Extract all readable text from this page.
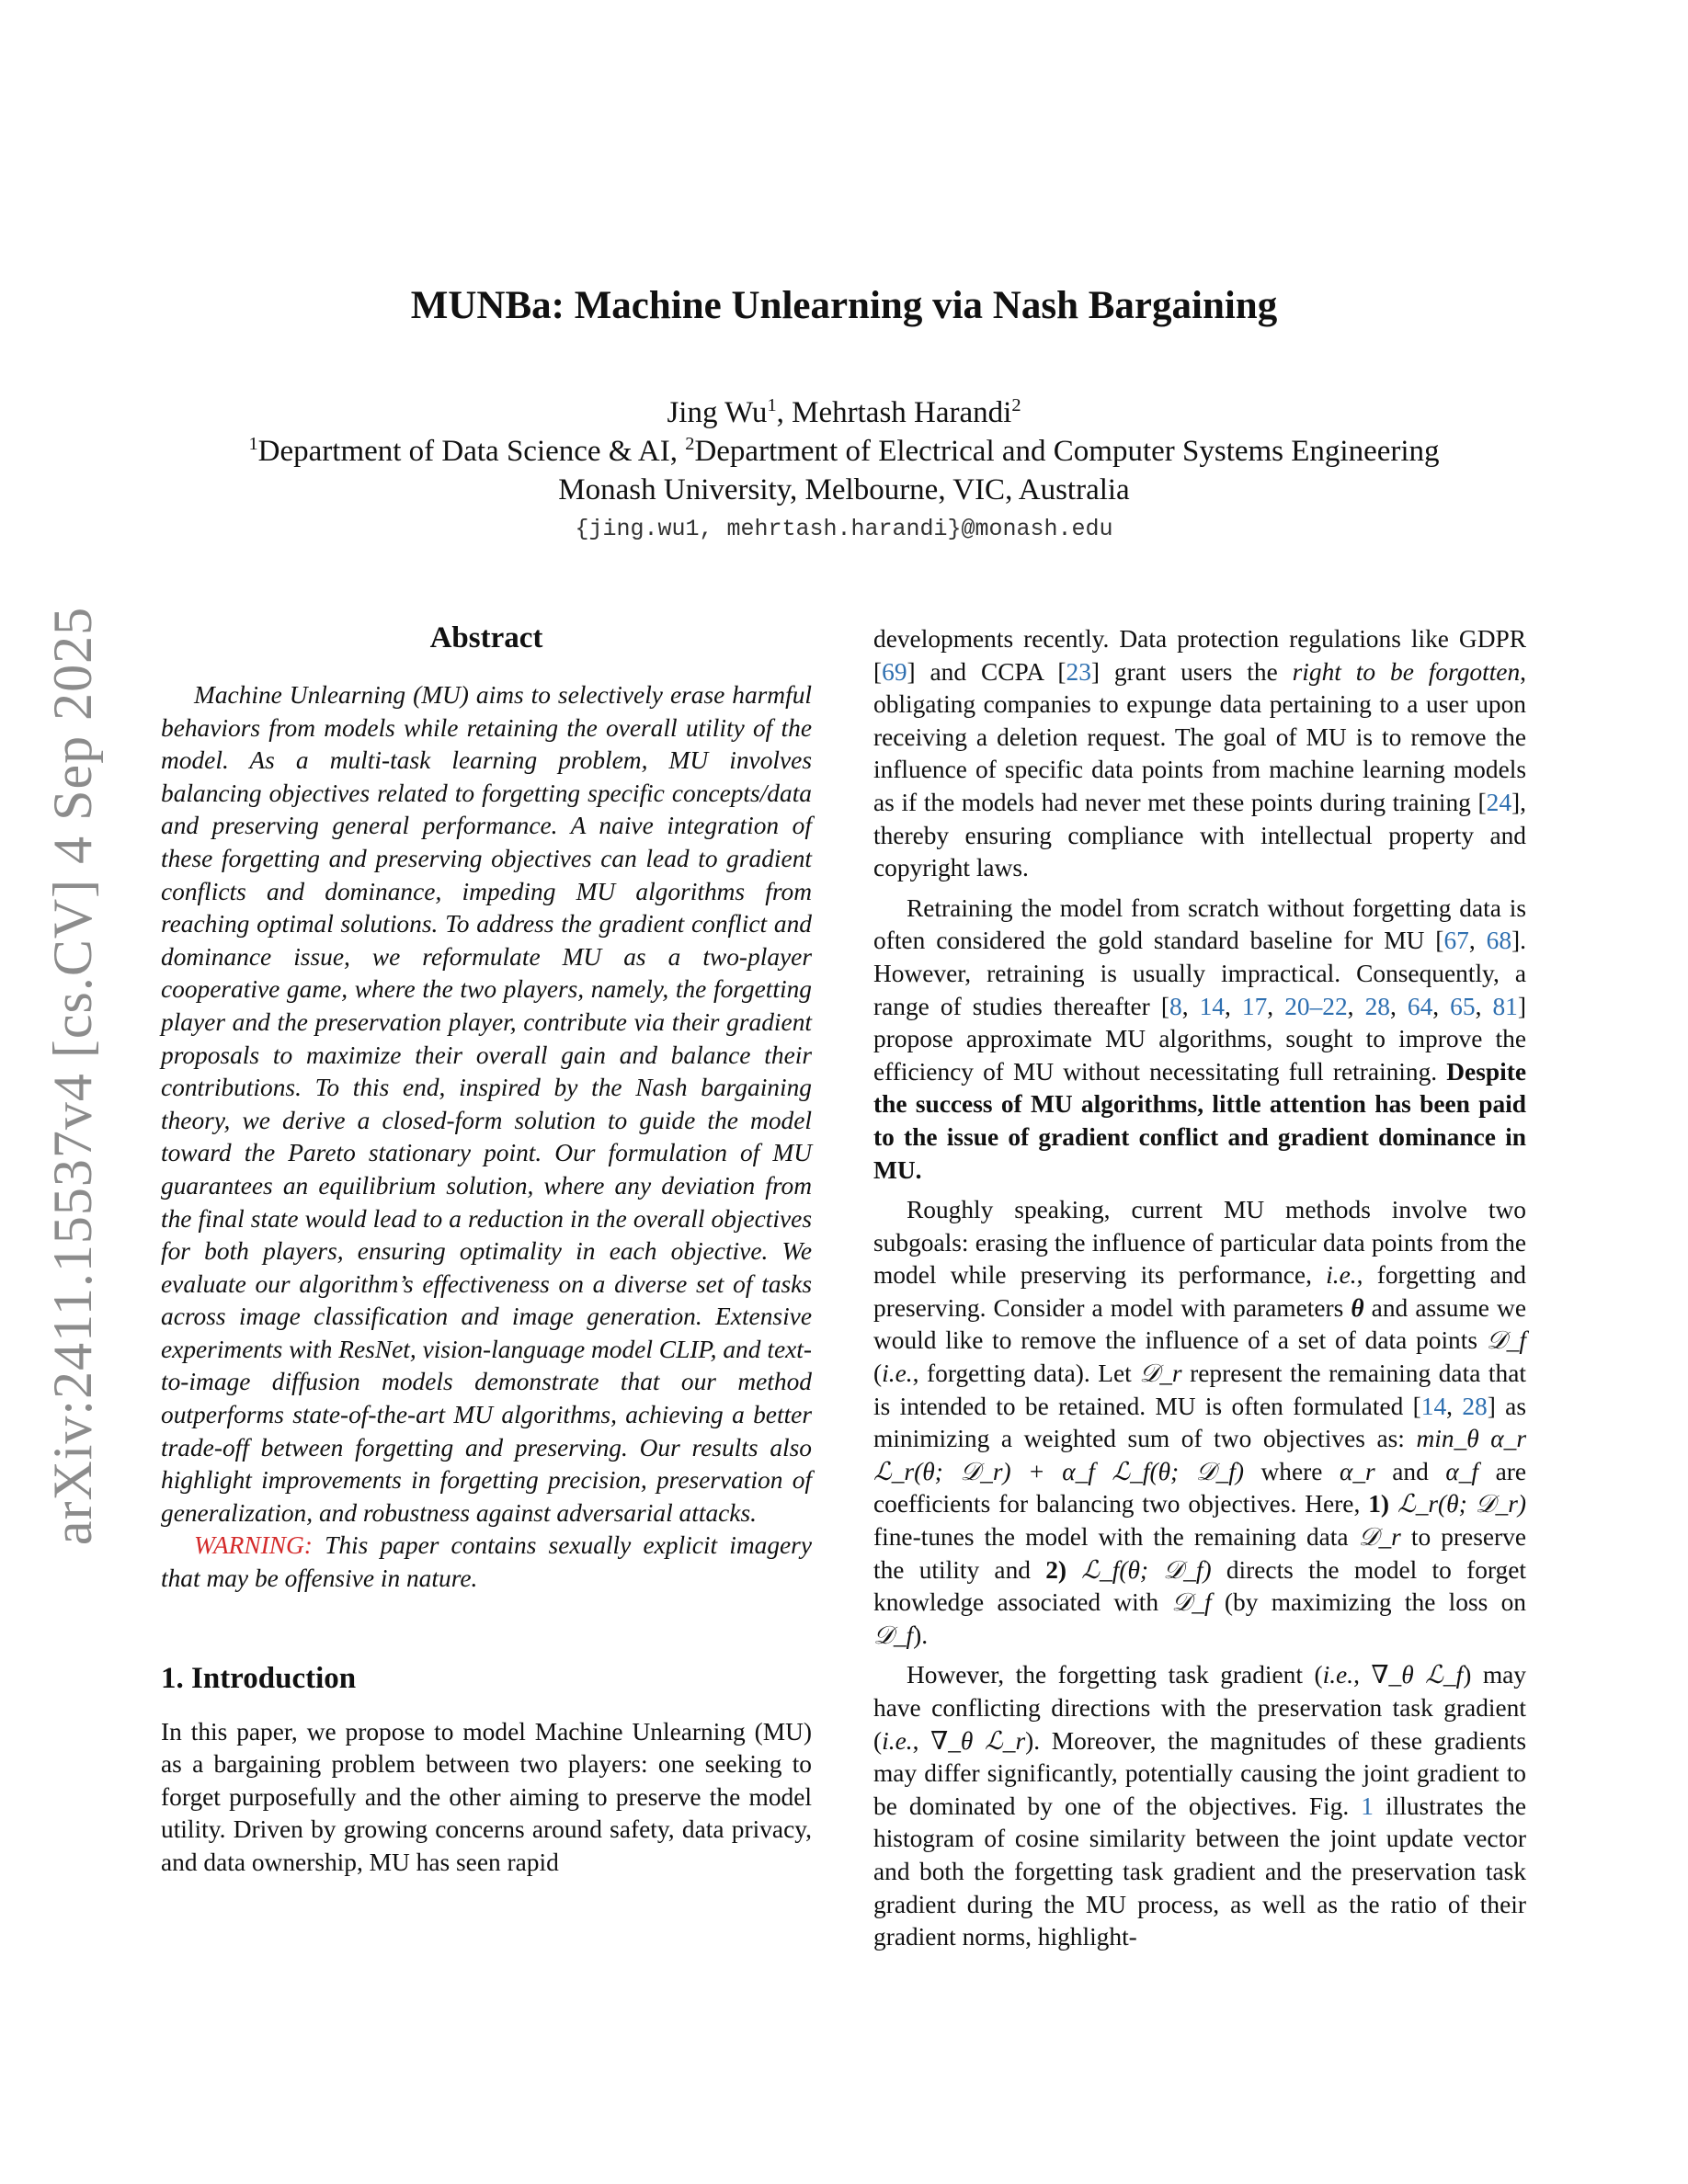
arXiv:2411.15537v4 [cs.CV] 4 Sep 2025
MUNBa: Machine Unlearning via Nash Bargaining
Jing Wu$^1$, Mehrtash Harandi$^2$
$^1$Department of Data Science & AI, $^2$Department of Electrical and Computer Systems Engineering
Monash University, Melbourne, VIC, Australia
{jing.wu1, mehrtash.harandi}@monash.edu
Abstract

Machine Unlearning (MU) aims to selectively erase harmful behaviors from models while retaining the overall utility of the model. As a multi-task learning problem, MU involves balancing objectives related to forgetting specific concepts/data and preserving general performance. A naive integration of these forgetting and preserving objectives can lead to gradient conflicts and dominance, impeding MU algorithms from reaching optimal solutions. To address the gradient conflict and dominance issue, we reformulate MU as a two-player cooperative game, where the two players, namely, the forgetting player and the preservation player, contribute via their gradient proposals to maximize their overall gain and balance their contributions. To this end, inspired by the Nash bargaining theory, we derive a closed-form solution to guide the model toward the Pareto stationary point. Our formulation of MU guarantees an equilibrium solution, where any deviation from the final state would lead to a reduction in the overall objectives for both players, ensuring optimality in each objective. We evaluate our algorithm’s effectiveness on a diverse set of tasks across image classification and image generation. Extensive experiments with ResNet, vision-language model CLIP, and text-to-image diffusion models demonstrate that our method outperforms state-of-the-art MU algorithms, achieving a better trade-off between forgetting and preserving. Our results also highlight improvements in forgetting precision, preservation of generalization, and robustness against adversarial attacks.

WARNING: This paper contains sexually explicit imagery that may be offensive in nature.

1. Introduction

In this paper, we propose to model Machine Unlearning (MU) as a bargaining problem between two players: one seeking to forget purposefully and the other aiming to preserve the model utility. Driven by growing concerns around safety, data privacy, and data ownership, MU has seen rapid

developments recently. Data protection regulations like GDPR [69] and CCPA [23] grant users the right to be forgotten, obligating companies to expunge data pertaining to a user upon receiving a deletion request. The goal of MU is to remove the influence of specific data points from machine learning models as if the models had never met these points during training [24], thereby ensuring compliance with intellectual property and copyright laws.

Retraining the model from scratch without forgetting data is often considered the gold standard baseline for MU [67, 68]. However, retraining is usually impractical. Consequently, a range of studies thereafter [8, 14, 17, 20–22, 28, 64, 65, 81] propose approximate MU algorithms, sought to improve the efficiency of MU without necessitating full retraining. Despite the success of MU algorithms, little attention has been paid to the issue of gradient conflict and gradient dominance in MU.

Roughly speaking, current MU methods involve two subgoals: erasing the influence of particular data points from the model while preserving its performance, i.e., forgetting and preserving. Consider a model with parameters θ and assume we would like to remove the influence of a set of data points 𝒟_f (i.e., forgetting data). Let 𝒟_r represent the remaining data that is intended to be retained. MU is often formulated [14, 28] as minimizing a weighted sum of two objectives as: min_θ α_r ℒ_r(θ; 𝒟_r) + α_f ℒ_f(θ; 𝒟_f) where α_r and α_f are coefficients for balancing two objectives. Here, 1) ℒ_r(θ; 𝒟_r) fine-tunes the model with the remaining data 𝒟_r to preserve the utility and 2) ℒ_f(θ; 𝒟_f) directs the model to forget knowledge associated with 𝒟_f (by maximizing the loss on 𝒟_f).

However, the forgetting task gradient (i.e., ∇_θ ℒ_f) may have conflicting directions with the preservation task gradient (i.e., ∇_θ ℒ_r). Moreover, the magnitudes of these gradients may differ significantly, potentially causing the joint gradient to be dominated by one of the objectives. Fig. 1 illustrates the histogram of cosine similarity between the joint update vector and both the forgetting task gradient and the preservation task gradient during the MU process, as well as the ratio of their gradient norms, highlight-
